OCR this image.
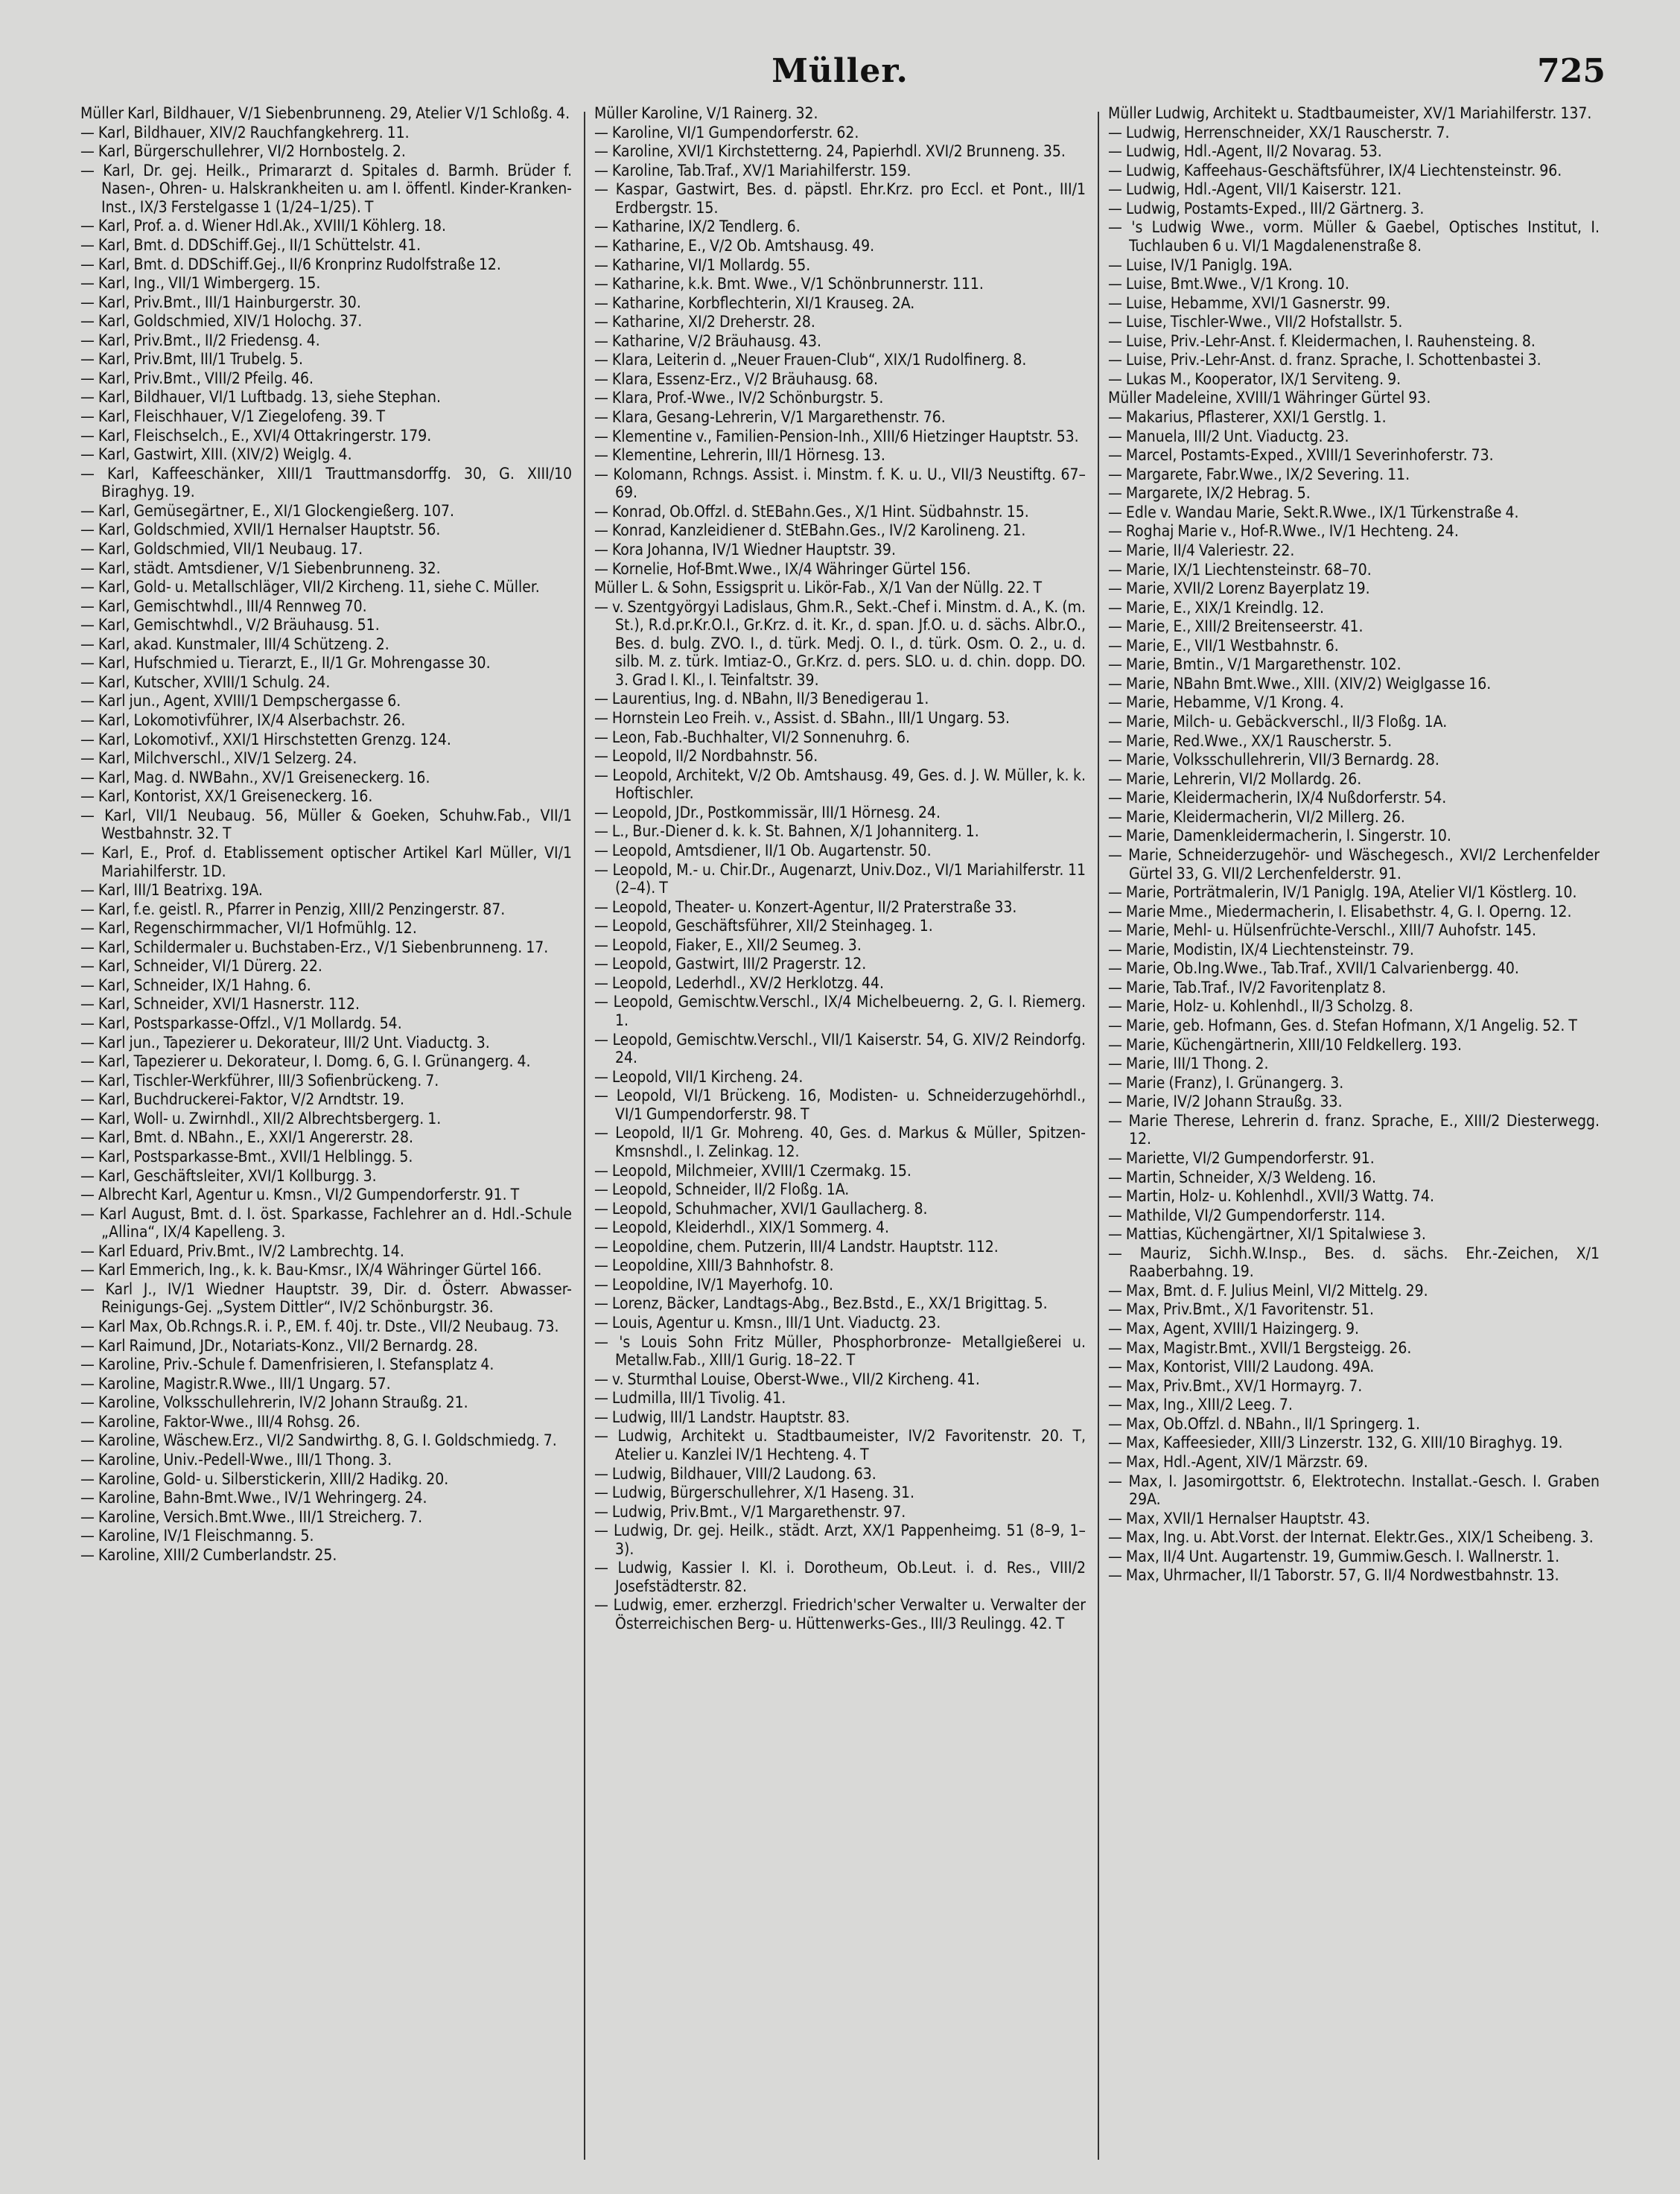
Müller.	725
Müller Karl, Bildhauer, V/1 Siebenbrunneng. 29, Atelier V/1 Schloßg. 4.
— Karl, Bildhauer, XIV/2 Rauchfangkehrerg. 11.
— Karl, Bürgerschullehrer, VI/2 Hornbostelg. 2.
— Karl, Dr. gej. Heilk., Primararzt d. Spitales d. Barmh. Brüder f. Nasen-, Ohren- u. Halskrankheiten u. am I. öffentl. Kinder-Kranken-Inst., IX/3 Ferstelgasse 1 (1/24–1/25). T
— Karl, Prof. a. d. Wiener Hdl.Ak., XVIII/1 Köhlerg. 18.
— Karl, Bmt. d. DDSchiff.Gej., II/1 Schüttelstr. 41.
— Karl, Bmt. d. DDSchiff.Gej., II/6 Kronprinz Rudolfstraße 12.
— Karl, Ing., VII/1 Wimbergerg. 15.
— Karl, Priv.Bmt., III/1 Hainburgerstr. 30.
— Karl, Goldschmied, XIV/1 Holochg. 37.
— Karl, Priv.Bmt., II/2 Friedensg. 4.
— Karl, Priv.Bmt, III/1 Trubelg. 5.
— Karl, Priv.Bmt., VIII/2 Pfeilg. 46.
— Karl, Bildhauer, VI/1 Luftbadg. 13, siehe Stephan.
— Karl, Fleischhauer, V/1 Ziegelofeng. 39. T
— Karl, Fleischselch., E., XVI/4 Ottakringerstr. 179.
— Karl, Gastwirt, XIII. (XIV/2) Weiglg. 4.
— Karl, Kaffeeschänker, XIII/1 Trauttmansdorffg. 30, G. XIII/10 Biraghyg. 19.
— Karl, Gemüsegärtner, E., XI/1 Glockengießerg. 107.
— Karl, Goldschmied, XVII/1 Hernalser Hauptstr. 56.
— Karl, Goldschmied, VII/1 Neubaug. 17.
— Karl, städt. Amtsdiener, V/1 Siebenbrunneng. 32.
— Karl, Gold- u. Metallschläger, VII/2 Kircheng. 11, siehe C. Müller.
— Karl, Gemischtwhdl., III/4 Rennweg 70.
— Karl, Gemischtwhdl., V/2 Bräuhausg. 51.
— Karl, akad. Kunstmaler, III/4 Schützeng. 2.
— Karl, Hufschmied u. Tierarzt, E., II/1 Gr. Mohrengasse 30.
— Karl, Kutscher, XVIII/1 Schulg. 24.
— Karl jun., Agent, XVIII/1 Dempschergasse 6.
— Karl, Lokomotivführer, IX/4 Alserbachstr. 26.
— Karl, Lokomotivf., XXI/1 Hirschstetten Grenzg. 124.
— Karl, Milchverschl., XIV/1 Selzerg. 24.
— Karl, Mag. d. NWBahn., XV/1 Greiseneckerg. 16.
— Karl, Kontorist, XX/1 Greiseneckerg. 16.
— Karl, VII/1 Neubaug. 56, Müller & Goeken, Schuhw.Fab., VII/1 Westbahnstr. 32. T
— Karl, E., Prof. d. Etablissement optischer Artikel Karl Müller, VI/1 Mariahilferstr. 1D.
— Karl, III/1 Beatrixg. 19A.
— Karl, f.e. geistl. R., Pfarrer in Penzig, XIII/2 Penzingerstr. 87.
— Karl, Regenschirmmacher, VI/1 Hofmühlg. 12.
— Karl, Schildermaler u. Buchstaben-Erz., V/1 Siebenbrunneng. 17.
— Karl, Schneider, VI/1 Dürerg. 22.
— Karl, Schneider, IX/1 Hahng. 6.
— Karl, Schneider, XVI/1 Hasnerstr. 112.
— Karl, Postsparkasse-Offzl., V/1 Mollardg. 54.
— Karl jun., Tapezierer u. Dekorateur, III/2 Unt. Viaductg. 3.
— Karl, Tapezierer u. Dekorateur, I. Domg. 6, G. I. Grünangerg. 4.
— Karl, Tischler-Werkführer, III/3 Sofienbrückeng. 7.
— Karl, Buchdruckerei-Faktor, V/2 Arndtstr. 19.
— Karl, Woll- u. Zwirnhdl., XII/2 Albrechtsbergerg. 1.
— Karl, Bmt. d. NBahn., E., XXI/1 Angererstr. 28.
— Karl, Postsparkasse-Bmt., XVII/1 Helblingg. 5.
— Karl, Geschäftsleiter, XVI/1 Kollburgg. 3.
— Albrecht Karl, Agentur u. Kmsn., VI/2 Gumpendorferstr. 91. T
— Karl August, Bmt. d. I. öst. Sparkasse, Fachlehrer an d. Hdl.-Schule „Allina“, IX/4 Kapelleng. 3.
— Karl Eduard, Priv.Bmt., IV/2 Lambrechtg. 14.
— Karl Emmerich, Ing., k. k. Bau-Kmsr., IX/4 Währinger Gürtel 166.
— Karl J., IV/1 Wiedner Hauptstr. 39, Dir. d. Österr. Abwasser-Reinigungs-Gej. „System Dittler“, IV/2 Schönburgstr. 36.
— Karl Max, Ob.Rchngs.R. i. P., EM. f. 40j. tr. Dste., VII/2 Neubaug. 73.
— Karl Raimund, JDr., Notariats-Konz., VII/2 Bernardg. 28.
— Karoline, Priv.-Schule f. Damenfrisieren, I. Stefansplatz 4.
— Karoline, Magistr.R.Wwe., III/1 Ungarg. 57.
— Karoline, Volksschullehrerin, IV/2 Johann Straußg. 21.
— Karoline, Faktor-Wwe., III/4 Rohsg. 26.
— Karoline, Wäschew.Erz., VI/2 Sandwirthg. 8, G. I. Goldschmiedg. 7.
— Karoline, Univ.-Pedell-Wwe., III/1 Thong. 3.
— Karoline, Gold- u. Silberstickerin, XIII/2 Hadikg. 20.
— Karoline, Bahn-Bmt.Wwe., IV/1 Wehringerg. 24.
— Karoline, Versich.Bmt.Wwe., III/1 Streicherg. 7.
— Karoline, IV/1 Fleischmanng. 5.
— Karoline, XIII/2 Cumberlandstr. 25.
Müller Karoline, V/1 Rainerg. 32.
— Karoline, VI/1 Gumpendorferstr. 62.
— Karoline, XVI/1 Kirchstetterng. 24, Papierhdl. XVI/2 Brunneng. 35.
— Karoline, Tab.Traf., XV/1 Mariahilferstr. 159.
— Kaspar, Gastwirt, Bes. d. päpstl. Ehr.Krz. pro Eccl. et Pont., III/1 Erdbergstr. 15.
— Katharine, IX/2 Tendlerg. 6.
— Katharine, E., V/2 Ob. Amtshausg. 49.
— Katharine, VI/1 Mollardg. 55.
— Katharine, k.k. Bmt. Wwe., V/1 Schönbrunnerstr. 111.
— Katharine, Korbflechterin, XI/1 Krauseg. 2A.
— Katharine, XI/2 Dreherstr. 28.
— Katharine, V/2 Bräuhausg. 43.
— Klara, Leiterin d. „Neuer Frauen-Club“, XIX/1 Rudolfinerg. 8.
— Klara, Essenz-Erz., V/2 Bräuhausg. 68.
— Klara, Prof.-Wwe., IV/2 Schönburgstr. 5.
— Klara, Gesang-Lehrerin, V/1 Margarethenstr. 76.
— Klementine v., Familien-Pension-Inh., XIII/6 Hietzinger Hauptstr. 53.
— Klementine, Lehrerin, III/1 Hörnesg. 13.
— Kolomann, Rchngs. Assist. i. Minstm. f. K. u. U., VII/3 Neustiftg. 67–69.
— Konrad, Ob.Offzl. d. StEBahn.Ges., X/1 Hint. Südbahnstr. 15.
— Konrad, Kanzleidiener d. StEBahn.Ges., IV/2 Karolineng. 21.
— Kora Johanna, IV/1 Wiedner Hauptstr. 39.
— Kornelie, Hof-Bmt.Wwe., IX/4 Währinger Gürtel 156.
Müller L. & Sohn, Essigsprit u. Likör-Fab., X/1 Van der Nüllg. 22. T
— v. Szentgyörgyi Ladislaus, Ghm.R., Sekt.-Chef i. Minstm. d. A., K. (m. St.), R.d.pr.Kr.O.I., Gr.Krz. d. it. Kr., d. span. Jf.O. u. d. sächs. Albr.O., Bes. d. bulg. ZVO. I., d. türk. Medj. O. I., d. türk. Osm. O. 2., u. d. silb. M. z. türk. Imtiaz-O., Gr.Krz. d. pers. SLO. u. d. chin. dopp. DO. 3. Grad I. Kl., I. Teinfaltstr. 39.
— Laurentius, Ing. d. NBahn, II/3 Benedigerau 1.
— Hornstein Leo Freih. v., Assist. d. SBahn., III/1 Ungarg. 53.
— Leon, Fab.-Buchhalter, VI/2 Sonnenuhrg. 6.
— Leopold, II/2 Nordbahnstr. 56.
— Leopold, Architekt, V/2 Ob. Amtshausg. 49, Ges. d. J. W. Müller, k. k. Hoftischler.
— Leopold, JDr., Postkommissär, III/1 Hörnesg. 24.
— L., Bur.-Diener d. k. k. St. Bahnen, X/1 Johanniterg. 1.
— Leopold, Amtsdiener, II/1 Ob. Augartenstr. 50.
— Leopold, M.- u. Chir.Dr., Augenarzt, Univ.Doz., VI/1 Mariahilferstr. 11 (2–4). T
— Leopold, Theater- u. Konzert-Agentur, II/2 Praterstraße 33.
— Leopold, Geschäftsführer, XII/2 Steinhageg. 1.
— Leopold, Fiaker, E., XII/2 Seumeg. 3.
— Leopold, Gastwirt, III/2 Pragerstr. 12.
— Leopold, Lederhdl., XV/2 Herklotzg. 44.
— Leopold, Gemischtw.Verschl., IX/4 Michelbeuerng. 2, G. I. Riemerg. 1.
— Leopold, Gemischtw.Verschl., VII/1 Kaiserstr. 54, G. XIV/2 Reindorfg. 24.
— Leopold, VII/1 Kircheng. 24.
— Leopold, VI/1 Brückeng. 16, Modisten- u. Schneiderzugehörhdl., VI/1 Gumpendorferstr. 98. T
— Leopold, II/1 Gr. Mohreng. 40, Ges. d. Markus & Müller, Spitzen-Kmsnshdl., I. Zelinkag. 12.
— Leopold, Milchmeier, XVIII/1 Czermakg. 15.
— Leopold, Schneider, II/2 Floßg. 1A.
— Leopold, Schuhmacher, XVI/1 Gaullacherg. 8.
— Leopold, Kleiderhdl., XIX/1 Sommerg. 4.
— Leopoldine, chem. Putzerin, III/4 Landstr. Hauptstr. 112.
— Leopoldine, XIII/3 Bahnhofstr. 8.
— Leopoldine, IV/1 Mayerhofg. 10.
— Lorenz, Bäcker, Landtags-Abg., Bez.Bstd., E., XX/1 Brigittag. 5.
— Louis, Agentur u. Kmsn., III/1 Unt. Viaductg. 23.
— 's Louis Sohn Fritz Müller, Phosphorbronze- Metallgießerei u. Metallw.Fab., XIII/1 Gurig. 18–22. T
— v. Sturmthal Louise, Oberst-Wwe., VII/2 Kircheng. 41.
— Ludmilla, III/1 Tivolig. 41.
— Ludwig, III/1 Landstr. Hauptstr. 83.
— Ludwig, Architekt u. Stadtbaumeister, IV/2 Favoritenstr. 20. T, Atelier u. Kanzlei IV/1 Hechteng. 4. T
— Ludwig, Bildhauer, VIII/2 Laudong. 63.
— Ludwig, Bürgerschullehrer, X/1 Haseng. 31.
— Ludwig, Priv.Bmt., V/1 Margarethenstr. 97.
— Ludwig, Dr. gej. Heilk., städt. Arzt, XX/1 Pappenheimg. 51 (8–9, 1–3).
— Ludwig, Kassier I. Kl. i. Dorotheum, Ob.Leut. i. d. Res., VIII/2 Josefstädterstr. 82.
— Ludwig, emer. erzherzgl. Friedrich'scher Verwalter u. Verwalter der Österreichischen Berg- u. Hüttenwerks-Ges., III/3 Reulingg. 42. T
Müller Ludwig, Architekt u. Stadtbaumeister, XV/1 Mariahilferstr. 137.
— Ludwig, Herrenschneider, XX/1 Rauscherstr. 7.
— Ludwig, Hdl.-Agent, II/2 Novarag. 53.
— Ludwig, Kaffeehaus-Geschäftsführer, IX/4 Liechtensteinstr. 96.
— Ludwig, Hdl.-Agent, VII/1 Kaiserstr. 121.
— Ludwig, Postamts-Exped., III/2 Gärtnerg. 3.
— 's Ludwig Wwe., vorm. Müller & Gaebel, Optisches Institut, I. Tuchlauben 6 u. VI/1 Magdalenenstraße 8.
— Luise, IV/1 Paniglg. 19A.
— Luise, Bmt.Wwe., V/1 Krong. 10.
— Luise, Hebamme, XVI/1 Gasnerstr. 99.
— Luise, Tischler-Wwe., VII/2 Hofstallstr. 5.
— Luise, Priv.-Lehr-Anst. f. Kleidermachen, I. Rauhensteing. 8.
— Luise, Priv.-Lehr-Anst. d. franz. Sprache, I. Schottenbastei 3.
— Lukas M., Kooperator, IX/1 Serviteng. 9.
Müller Madeleine, XVIII/1 Währinger Gürtel 93.
— Makarius, Pflasterer, XXI/1 Gerstlg. 1.
— Manuela, III/2 Unt. Viaductg. 23.
— Marcel, Postamts-Exped., XVIII/1 Severinhoferstr. 73.
— Margarete, Fabr.Wwe., IX/2 Severing. 11.
— Margarete, IX/2 Hebrag. 5.
— Edle v. Wandau Marie, Sekt.R.Wwe., IX/1 Türkenstraße 4.
— Roghaj Marie v., Hof-R.Wwe., IV/1 Hechteng. 24.
— Marie, II/4 Valeriestr. 22.
— Marie, IX/1 Liechtensteinstr. 68–70.
— Marie, XVII/2 Lorenz Bayerplatz 19.
— Marie, E., XIX/1 Kreindlg. 12.
— Marie, E., XIII/2 Breitenseerstr. 41.
— Marie, E., VII/1 Westbahnstr. 6.
— Marie, Bmtin., V/1 Margarethenstr. 102.
— Marie, NBahn Bmt.Wwe., XIII. (XIV/2) Weiglgasse 16.
— Marie, Hebamme, V/1 Krong. 4.
— Marie, Milch- u. Gebäckverschl., II/3 Floßg. 1A.
— Marie, Red.Wwe., XX/1 Rauscherstr. 5.
— Marie, Volksschullehrerin, VII/3 Bernardg. 28.
— Marie, Lehrerin, VI/2 Mollardg. 26.
— Marie, Kleidermacherin, IX/4 Nußdorferstr. 54.
— Marie, Kleidermacherin, VI/2 Millerg. 26.
— Marie, Damenkleidermacherin, I. Singerstr. 10.
— Marie, Schneiderzugehör- und Wäschegesch., XVI/2 Lerchenfelder Gürtel 33, G. VII/2 Lerchenfelderstr. 91.
— Marie, Porträtmalerin, IV/1 Paniglg. 19A, Atelier VI/1 Köstlerg. 10.
— Marie Mme., Miedermacherin, I. Elisabethstr. 4, G. I. Operng. 12.
— Marie, Mehl- u. Hülsenfrüchte-Verschl., XIII/7 Auhofstr. 145.
— Marie, Modistin, IX/4 Liechtensteinstr. 79.
— Marie, Ob.Ing.Wwe., Tab.Traf., XVII/1 Calvarienbergg. 40.
— Marie, Tab.Traf., IV/2 Favoritenplatz 8.
— Marie, Holz- u. Kohlenhdl., II/3 Scholzg. 8.
— Marie, geb. Hofmann, Ges. d. Stefan Hofmann, X/1 Angelig. 52. T
— Marie, Küchengärtnerin, XIII/10 Feldkellerg. 193.
— Marie, III/1 Thong. 2.
— Marie (Franz), I. Grünangerg. 3.
— Marie, IV/2 Johann Straußg. 33.
— Marie Therese, Lehrerin d. franz. Sprache, E., XIII/2 Diesterwegg. 12.
— Mariette, VI/2 Gumpendorferstr. 91.
— Martin, Schneider, X/3 Weldeng. 16.
— Martin, Holz- u. Kohlenhdl., XVII/3 Wattg. 74.
— Mathilde, VI/2 Gumpendorferstr. 114.
— Mattias, Küchengärtner, XI/1 Spitalwiese 3.
— Mauriz, Sichh.W.Insp., Bes. d. sächs. Ehr.-Zeichen, X/1 Raaberbahng. 19.
— Max, Bmt. d. F. Julius Meinl, VI/2 Mittelg. 29.
— Max, Priv.Bmt., X/1 Favoritenstr. 51.
— Max, Agent, XVIII/1 Haizingerg. 9.
— Max, Magistr.Bmt., XVII/1 Bergsteigg. 26.
— Max, Kontorist, VIII/2 Laudong. 49A.
— Max, Priv.Bmt., XV/1 Hormayrg. 7.
— Max, Ing., XIII/2 Leeg. 7.
— Max, Ob.Offzl. d. NBahn., II/1 Springerg. 1.
— Max, Kaffeesieder, XIII/3 Linzerstr. 132, G. XIII/10 Biraghyg. 19.
— Max, Hdl.-Agent, XIV/1 Märzstr. 69.
— Max, I. Jasomirgottstr. 6, Elektrotechn. Installat.-Gesch. I. Graben 29A.
— Max, XVII/1 Hernalser Hauptstr. 43.
— Max, Ing. u. Abt.Vorst. der Internat. Elektr.Ges., XIX/1 Scheibeng. 3.
— Max, II/4 Unt. Augartenstr. 19, Gummiw.Gesch. I. Wallnerstr. 1.
— Max, Uhrmacher, II/1 Taborstr. 57, G. II/4 Nordwestbahnstr. 13.
